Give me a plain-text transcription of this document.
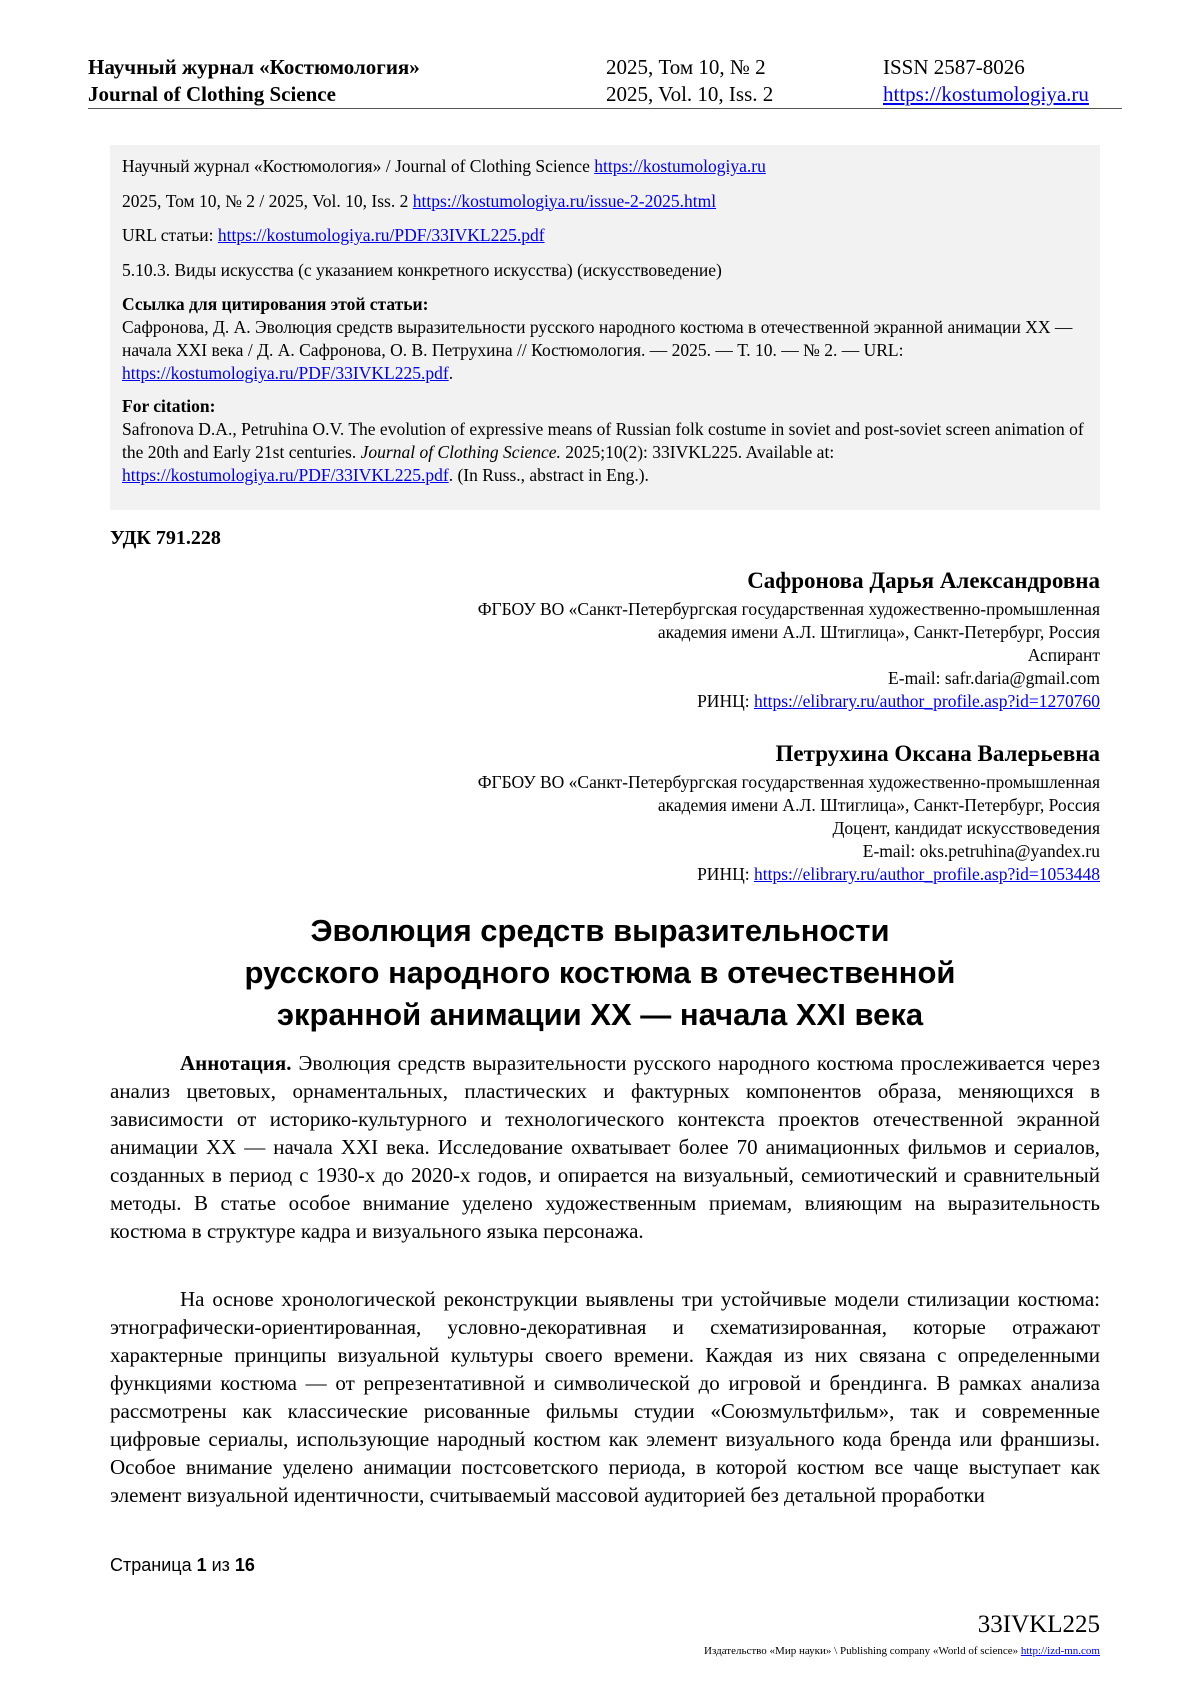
Научный журнал «Костюмология»
Journal of Clothing Science
2025, Том 10, № 2
2025, Vol. 10, Iss. 2
ISSN 2587-8026
https://kostumologiya.ru

Научный журнал «Костюмология» / Journal of Clothing Science https://kostumologiya.ru

2025, Том 10, № 2 / 2025, Vol. 10, Iss. 2 https://kostumologiya.ru/issue-2-2025.html

URL статьи: https://kostumologiya.ru/PDF/33IVKL225.pdf

5.10.3. Виды искусства (с указанием конкретного искусства) (искусствоведение)

Ссылка для цитирования этой статьи:
Сафронова, Д. А. Эволюция средств выразительности русского народного костюма в отечественной экранной анимации XX — начала XXI века / Д. А. Сафронова, О. В. Петрухина // Костюмология. — 2025. — Т. 10. — № 2. — URL: https://kostumologiya.ru/PDF/33IVKL225.pdf.
For citation:
Safronova D.A., Petruhina O.V. The evolution of expressive means of Russian folk costume in soviet and post-soviet screen animation of the 20th and Early 21st centuries. Journal of Clothing Science. 2025;10(2): 33IVKL225. Available at: https://kostumologiya.ru/PDF/33IVKL225.pdf. (In Russ., abstract in Eng.).
УДК 791.228
Сафронова Дарья Александровна
ФГБОУ ВО «Санкт-Петербургская государственная художественно-промышленная
академия имени А.Л. Штиглица», Санкт-Петербург, Россия
Аспирант
E-mail: safr.daria@gmail.com
РИНЦ: https://elibrary.ru/author_profile.asp?id=1270760
Петрухина Оксана Валерьевна
ФГБОУ ВО «Санкт-Петербургская государственная художественно-промышленная
академия имени А.Л. Штиглица», Санкт-Петербург, Россия
Доцент, кандидат искусствоведения
E-mail: oks.petruhina@yandex.ru
РИНЦ: https://elibrary.ru/author_profile.asp?id=1053448
Эволюция средств выразительности
русского народного костюма в отечественной
экранной анимации XX — начала XXI века

Аннотация. Эволюция средств выразительности русского народного костюма прослеживается через анализ цветовых, орнаментальных, пластических и фактурных компонентов образа, меняющихся в зависимости от историко-культурного и технологического контекста проектов отечественной экранной анимации XX — начала XXI века. Исследование охватывает более 70 анимационных фильмов и сериалов, созданных в период с 1930-х до 2020-х годов, и опирается на визуальный, семиотический и сравнительный методы. В статье особое внимание уделено художественным приемам, влияющим на выразительность костюма в структуре кадра и визуального языка персонажа.

На основе хронологической реконструкции выявлены три устойчивые модели стилизации костюма: этнографически-ориентированная, условно-декоративная и схематизированная, которые отражают характерные принципы визуальной культуры своего времени. Каждая из них связана с определенными функциями костюма — от репрезентативной и символической до игровой и брендинга. В рамках анализа рассмотрены как классические рисованные фильмы студии «Союзмультфильм», так и современные цифровые сериалы, использующие народный костюм как элемент визуального кода бренда или франшизы. Особое внимание уделено анимации постсоветского периода, в которой костюм все чаще выступает как элемент визуальной идентичности, считываемый массовой аудиторией без детальной проработки

Страница 1 из 16
33IVKL225
Издательство «Мир науки» \ Publishing company «World of science» http://izd-mn.com
